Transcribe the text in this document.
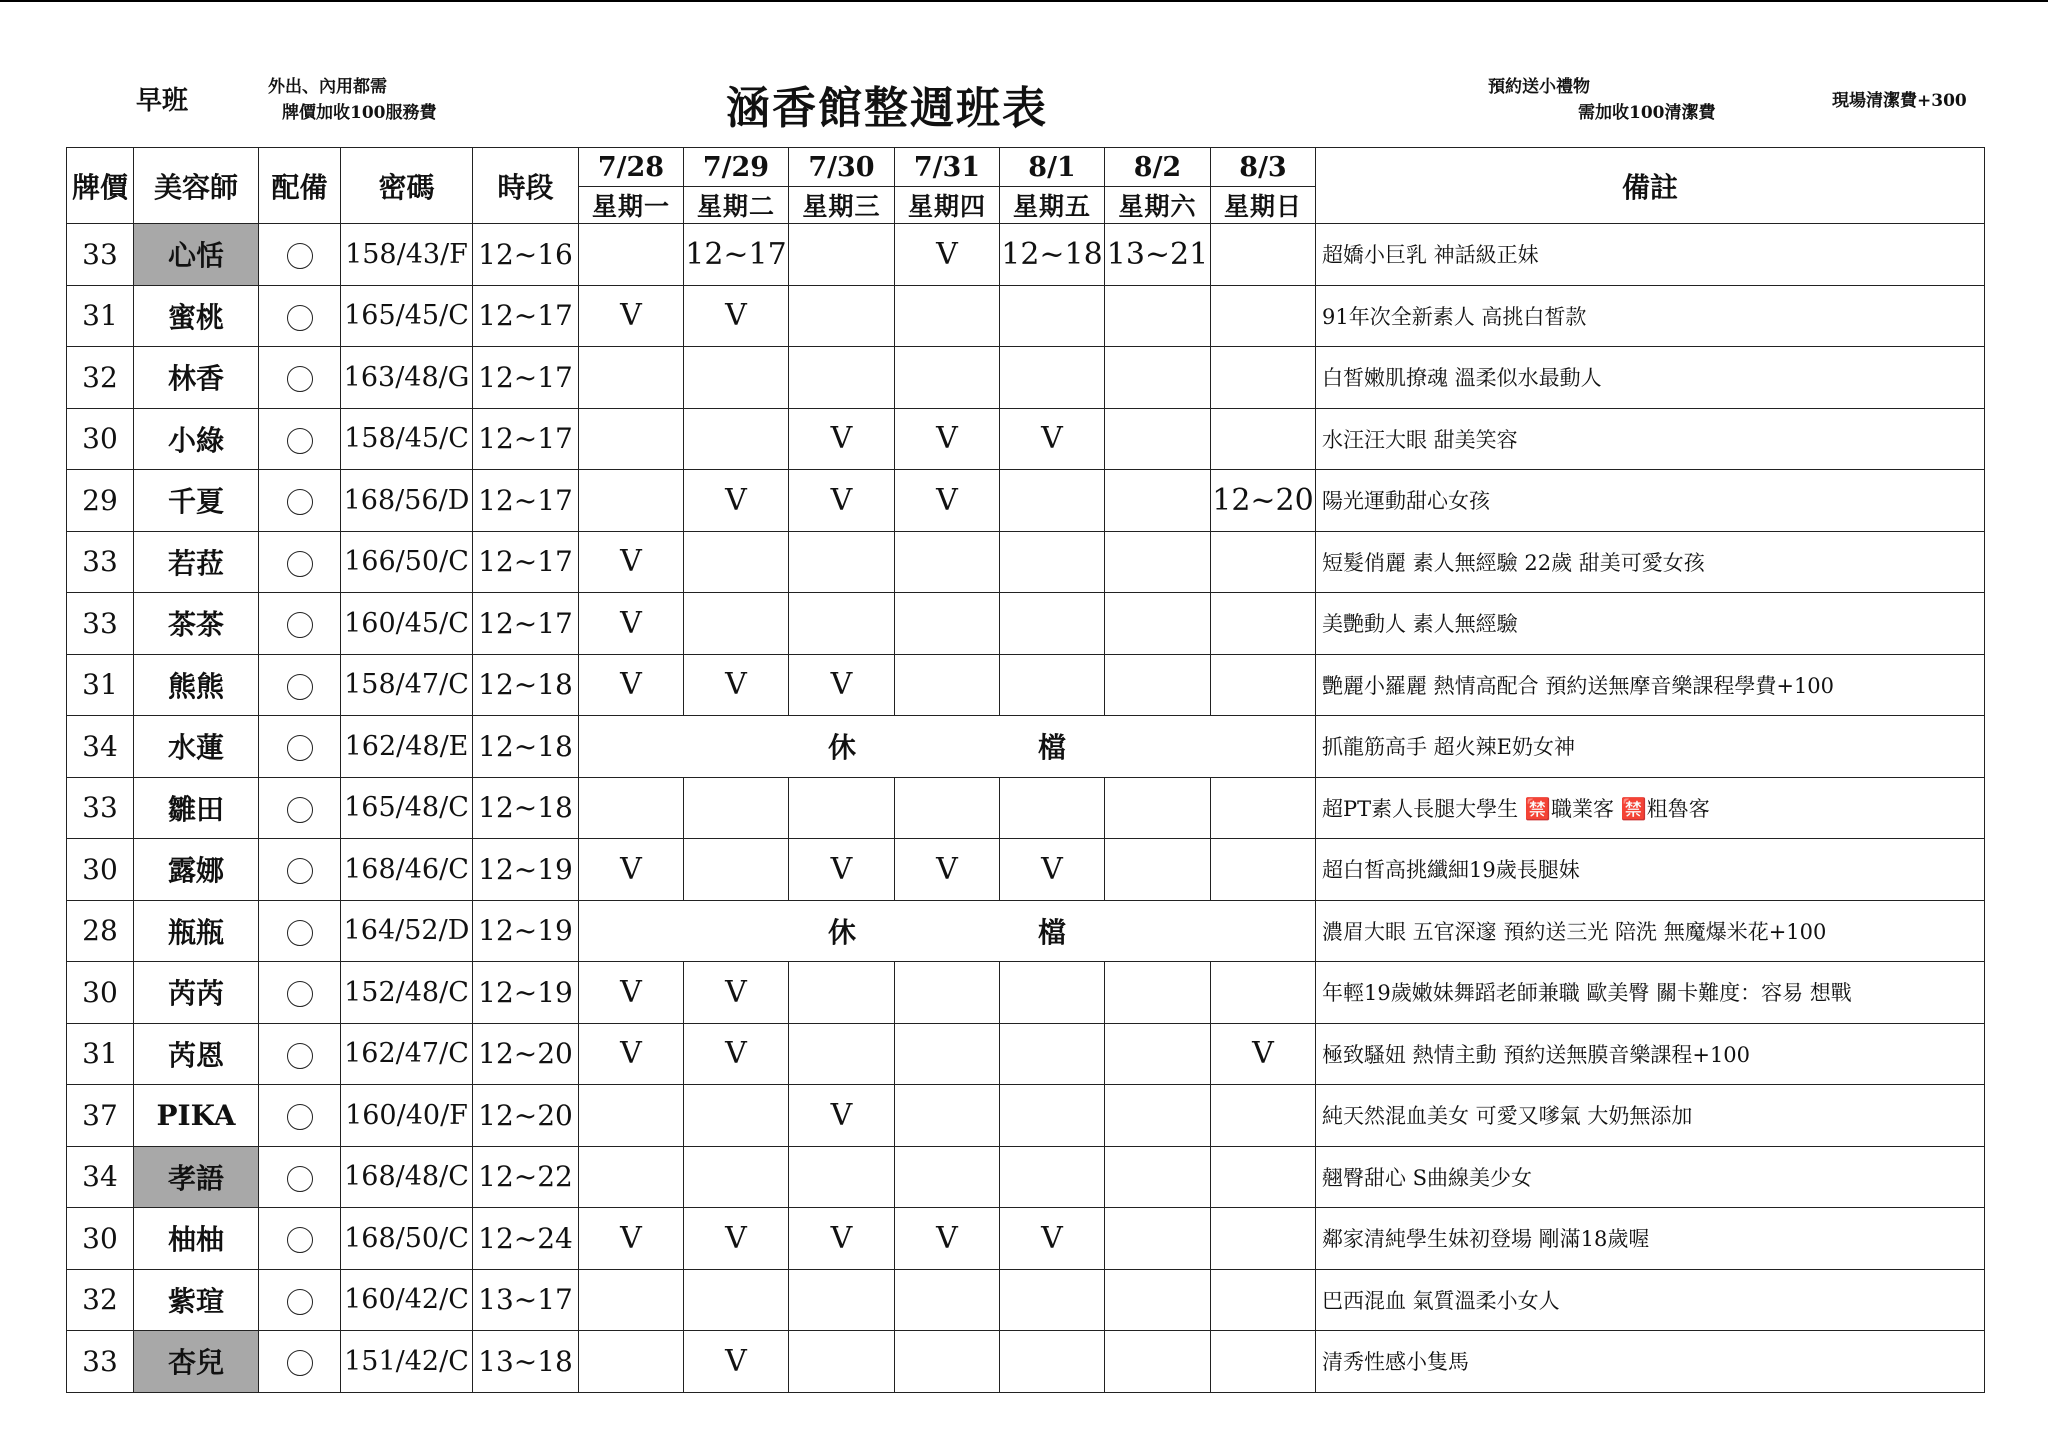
早班	外出、內用都需
牌價加收100服務費	涵香館整週班表	預約送小禮物
需加收100清潔費
現場清潔費+300
牌價	美容師	配備	密碼	時段	7/28	7/29	7/30	7/31	8/1	8/2	8/3	備註
					星期一	星期二	星期三	星期四	星期五	星期六	星期日	
33	心恬		158/43/F	12~16		12~17		V	12~18	13~21		超嬌小巨乳 神話級正妹
31	蜜桃		165/45/C	12~17	V	V						91年次全新素人 高挑白皙款
32	林香		163/48/G	12~17								白皙嫩肌撩魂 溫柔似水最動人
30	小綠		158/45/C	12~17			V	V	V			水汪汪大眼 甜美笑容
29	千夏		168/56/D	12~17		V	V	V			12~20	陽光運動甜心女孩
33	若菈		166/50/C	12~17	V							短髮俏麗 素人無經驗 22歲 甜美可愛女孩
33	茶茶		160/45/C	12~17	V							美艷動人 素人無經驗
31	熊熊		158/47/C	12~18	V	V	V					艷麗小羅麗 熱情高配合 預約送無摩音樂課程學費+100
34	水蓮		162/48/E	12~18	休 檔							抓龍筋高手 超火辣E奶女神
33	雛田		165/48/C	12~18								超PT素人長腿大學生 🈲職業客 🈲粗魯客
30	露娜		168/46/C	12~19	V		V	V	V			超白皙高挑纖細19歲長腿妹
28	瓶瓶		164/52/D	12~19	休 檔							濃眉大眼 五官深邃 預約送三光 陪洗 無魔爆米花+100
30	芮芮		152/48/C	12~19	V	V						年輕19歲嫩妹舞蹈老師兼職 歐美臀 關卡難度：容易 想戰
31	芮恩		162/47/C	12~20	V	V					V	極致騷妞 熱情主動 預約送無膜音樂課程+100
37	PIKA		160/40/F	12~20			V					純天然混血美女 可愛又嗲氣 大奶無添加
34	孝語		168/48/C	12~22								翹臀甜心 S曲線美少女
30	柚柚		168/50/C	12~24	V	V	V	V	V			鄰家清純學生妹初登場 剛滿18歲喔
32	紫瑄		160/42/C	13~17								巴西混血 氣質溫柔小女人
33	杏兒		151/42/C	13~18		V						清秀性感小隻馬
